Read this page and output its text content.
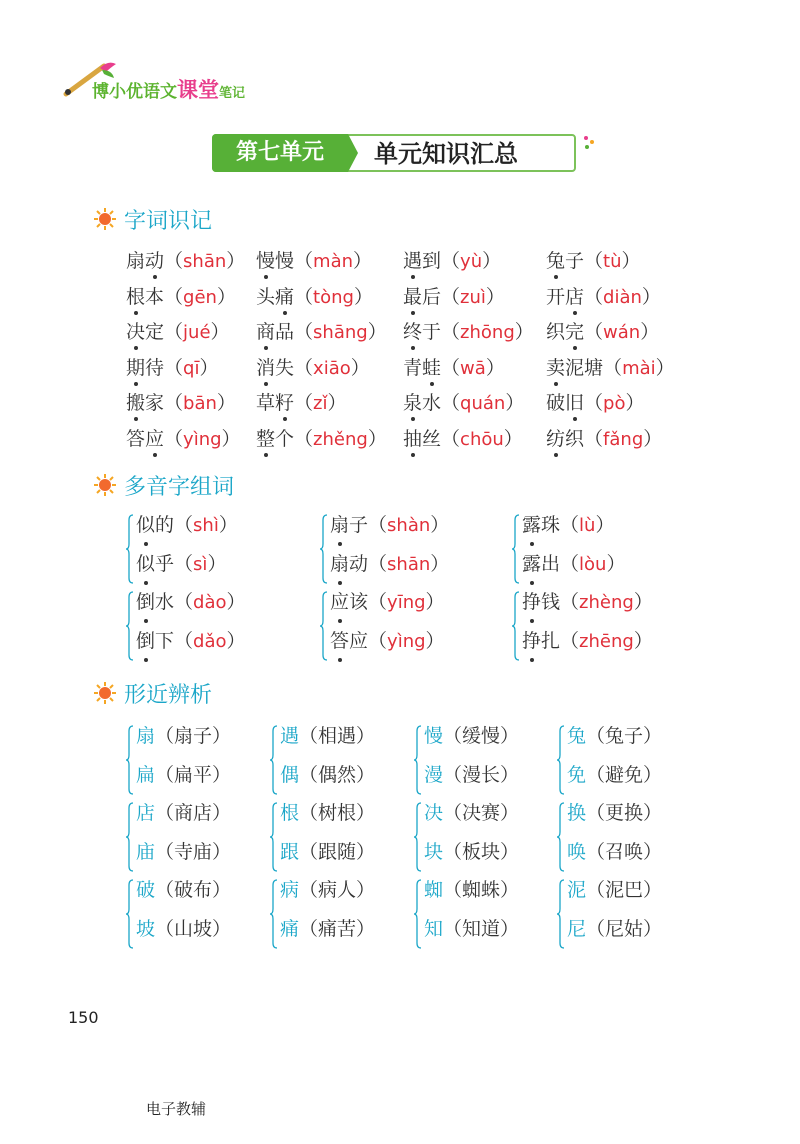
博小优语文课堂笔记
第七单元	单元知识汇总
字词识记
扇动（shān） 慢慢（màn） 遇到（yù） 兔子（tù）
根本（gēn） 头痛（tòng） 最后（zuì） 开店（diàn）
决定（jué） 商品（shāng） 终于（zhōng） 织完（wán）
期待（qī） 消失（xiāo） 青蛙（wā） 卖泥塘（mài）
搬家（bān） 草籽（zǐ）	泉水（quán） 破旧（pò）
答应（yìng） 整个（zhěng） 抽丝（chōu） 纺织（fǎng）
多音字组词
似的（shì）
似乎（sì）
扇子（shàn）
扇动（shān）
露珠（lù）
露出（lòu）
倒水（dào）
倒下（dǎo）
应该（yīng）
答应（yìng）
挣钱（zhèng）
挣扎（zhēng）
形近辨析
扇（扇子）
扁（扁平）
遇（相遇）
偶（偶然）
慢（缓慢）
漫（漫长）
兔（兔子）
免（避免）
店（商店）
庙（寺庙）
根（树根）
跟（跟随）
决（决赛）
块（板块）
换（更换）
唤（召唤）
破（破布）
坡（山坡）
病（病人）
痛（痛苦）
蜘（蜘蛛）
知（知道）
泥（泥巴）
尼（尼姑）
150
电子教辅
